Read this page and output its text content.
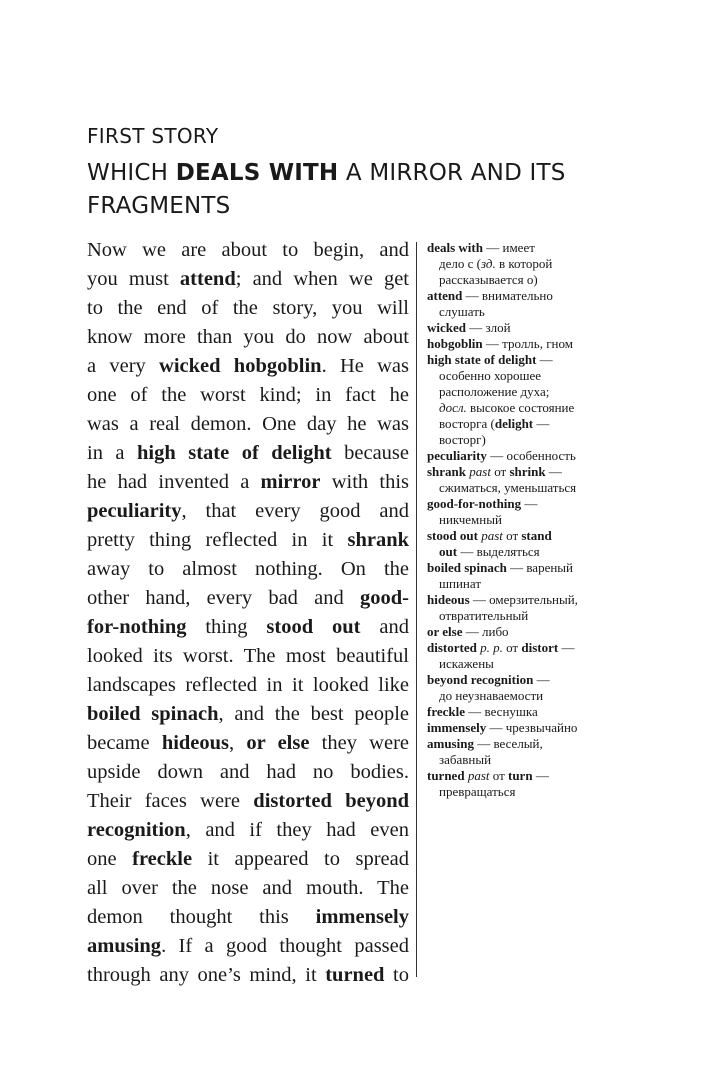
FIRST STORY
WHICH DEALS WITH A MIRROR AND ITS
FRAGMENTS
Now we are about to begin, and
you must attend; and when we get
to the end of the story, you will
know more than you do now about
a very wicked hobgoblin. He was
one of the worst kind; in fact he
was a real demon. One day he was
in a high state of delight because
he had invented a mirror with this
peculiarity, that every good and
pretty thing reflected in it shrank
away to almost nothing. On the
other hand, every bad and good-
for-nothing thing stood out and
looked its worst. The most beautiful
landscapes reflected in it looked like
boiled spinach, and the best people
became hideous, or else they were
upside down and had no bodies.
Their faces were distorted beyond
recognition, and if they had even
one freckle it appeared to spread
all over the nose and mouth. The
demon thought this immensely
amusing. If a good thought passed
through any one’s mind, it turned to
deals with — имеет
дело с (зд. в которой
рассказывается о)
attend — внимательно
слушать
wicked — злой
hobgoblin — тролль, гном
high state of delight —
особенно хорошее
расположение духа;
досл. высокое состояние
восторга (delight —
восторг)
peculiarity — особенность
shrank past от shrink —
сжиматься, уменьшаться
good-for-nothing —
никчемный
stood out past от stand
out — выделяться
boiled spinach — вареный
шпинат
hideous — омерзительный,
отвратительный
or else — либо
distorted p. p. от distort —
искажены
beyond recognition —
до неузнаваемости
freckle — веснушка
immensely — чрезвычайно
amusing — веселый,
забавный
turned past от turn —
превращаться
